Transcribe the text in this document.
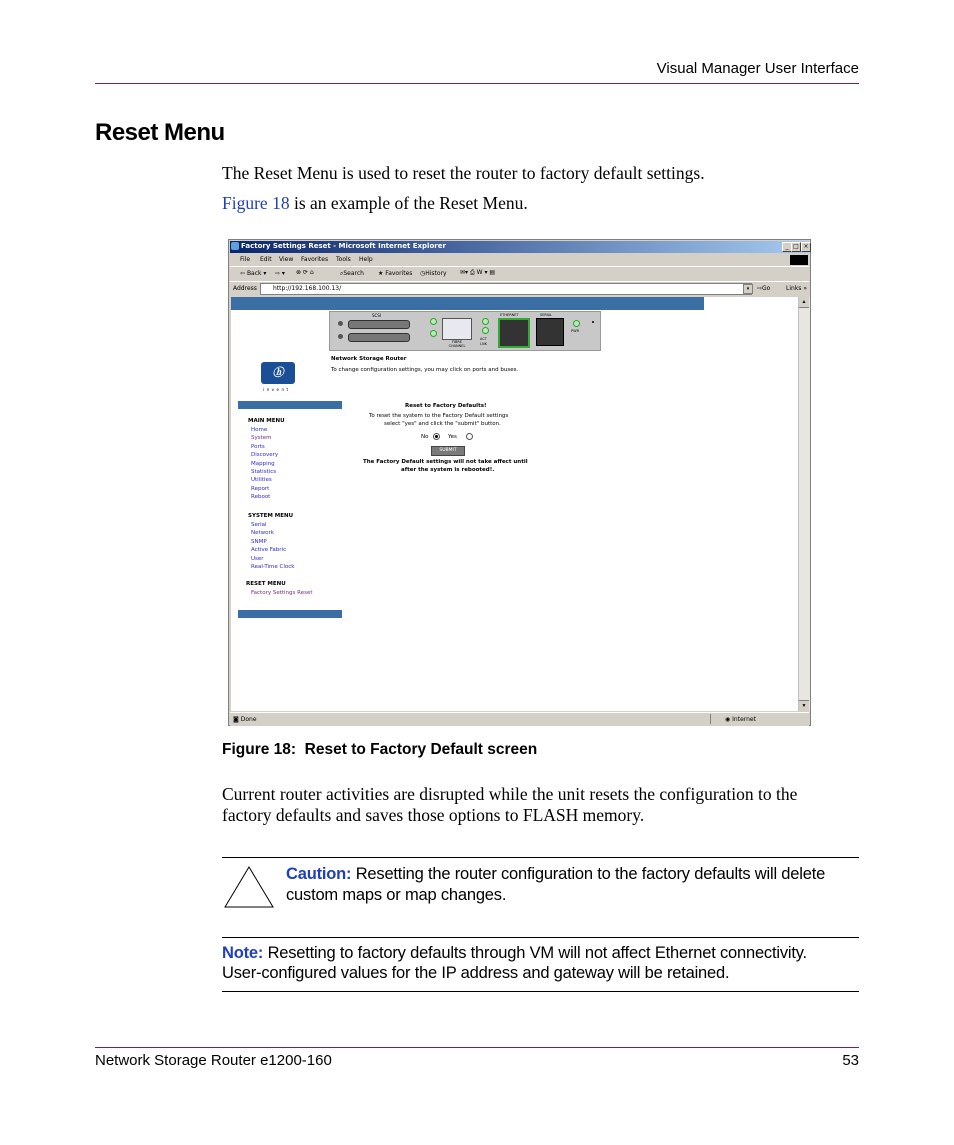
Visual Manager User Interface
Reset Menu
The Reset Menu is used to reset the router to factory default settings.
Figure 18 is an example of the Reset Menu.
Factory Settings Reset - Microsoft Internet Explorer	_ □ ×
File Edit View Favorites Tools Help
⇦ Back ▾ ⇨ ▾ ⊗ ⟳ ⌂	⌕Search ★ Favorites ◷History ✉▾ ⎙ W ▾ ▤
Address	http://192.168.100.13/	▾	⇨Go	Links »
SCSI
FIBRE CHANNEL
ACT
LNK
ETHERNET	SERIAL
PWR
ⓗ
invent
Network Storage Router
To change configuration settings, you may click on ports and buses.
MAIN MENU
Home
System
Ports
Discovery
Mapping
Statistics
Utilities
Report
Reboot
SYSTEM MENU
Serial
Network
SNMP
Active Fabric
User
Real-Time Clock
RESET MENU
Factory Settings Reset
Reset to Factory Defaults!
To reset the system to the Factory Default settings
select "yes" and click the "submit" button.
No	Yes
SUBMIT
The Factory Default settings will not take affect until
after the system is rebooted!.
▲
▼
◙ Done	◉ Internet
Figure 18:  Reset to Factory Default screen
Current router activities are disrupted while the unit resets the configuration to the
factory defaults and saves those options to FLASH memory.
Caution: Resetting the router configuration to the factory defaults will delete
custom maps or map changes.
Note: Resetting to factory defaults through VM will not affect Ethernet connectivity.
User-configured values for the IP address and gateway will be retained.
Network Storage Router e1200-160	53
